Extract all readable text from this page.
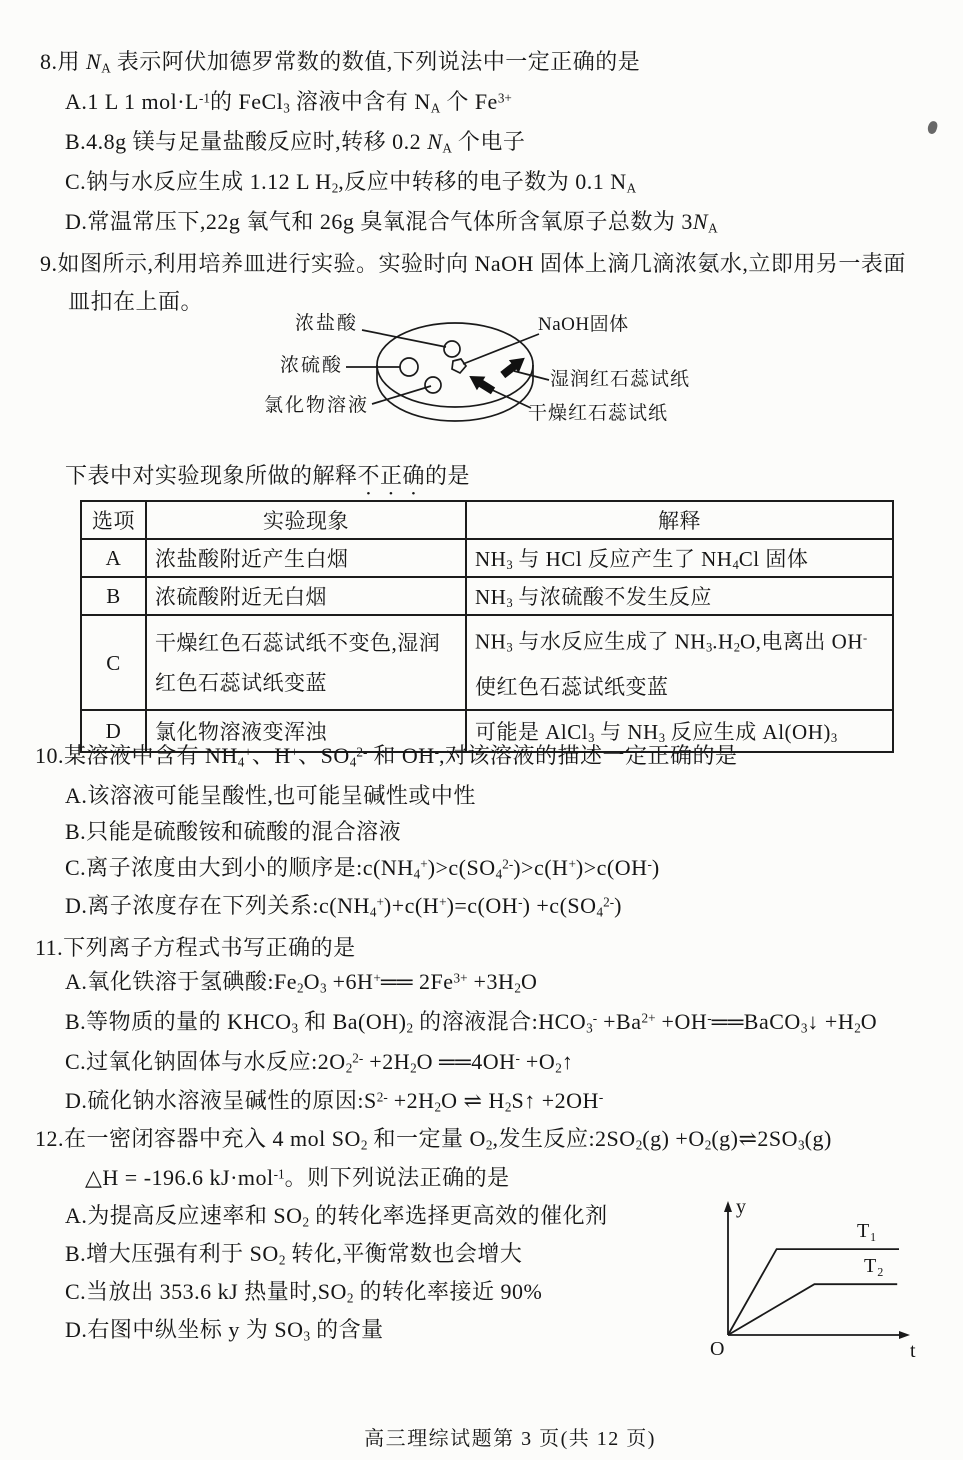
8.用 $N_A$ 表示阿伏加德罗常数的数值,下列说法中一定正确的是

A.1 L 1 $mol\cdot L^{-1}$的 FeCl$_3$ 溶液中含有 $N_A$ 个 $Fe^{3+}$

B.4.8g 镁与足量盐酸反应时,转移 0.2 $N_A$ 个电子

C.钠与水反应生成 1.12 L $H_2$,反应中转移的电子数为 0.1 $N_A$

D.常温常压下,22g 氧气和 26g 臭氧混合气体所含氧原子总数为 $3N_A$

9.如图所示,利用培养皿进行实验。实验时向 NaOH 固体上滴几滴浓氨水,立即用另一表面

皿扣在上面。

浓盐酸	NaOH固体
浓硫酸
湿润红石蕊试纸
氯化物溶液	干燥红石蕊试纸

下表中对实验现象所做的解释不正确的是

选项	实验现象	解释
A	浓盐酸附近产生白烟	$NH_3$ 与 HCl 反应产生了 $NH_4Cl$ 固体
B	浓硫酸附近无白烟	$NH_3$ 与浓硫酸不发生反应
C	干燥红色石蕊试纸不变色,湿润红色石蕊试纸变蓝	$NH_3$ 与水反应生成了 $NH_3.H_2O$,电离出 OH- 使红色石蕊试纸变蓝
D	氯化物溶液变浑浊	可能是 AlCl$_3$ 与 $NH_3$ 反应生成 $Al(OH)_3$

10.某溶液中含有 $NH_4^+$、H+、$SO_4^{2-}$ 和 OH-,对该溶液的描述一定正确的是

A.该溶液可能呈酸性,也可能呈碱性或中性

B.只能是硫酸铵和硫酸的混合溶液

C.离子浓度由大到小的顺序是$:c(NH_4^+)>c(SO_4^{2-})>c(H^+)>c(OH^-)$

D.离子浓度存在下列关系$:c(NH_4^+)+c(H^+)=c(OH^-) +c(SO_4^{2-})$

11.下列离子方程式书写正确的是

A.氧化铁溶于氢碘酸$:Fe_2O_3$ +6H+══ $2Fe^{3+} +3H_2O$

B.等物质的量的 $KHCO_3$ 和 $Ba(OH)_2$ 的溶液混合$:HCO_3^- +Ba^{2+}$ +OH-══BaCO$_3$↓ $+H_2O$

C.过氧化钠固体与水反应$:2O_2^{2-} +2H_2O$ ══4OH- $+O_2↑$

D.硫化钠水溶液呈碱性的原因$:S^{2-} +2H_2O$ ⇌ $H_2S↑ +2OH^-$

12.在一密闭容器中充入 4 mol $SO_2$ 和一定量 $O_2$,发生反应$:2SO_2(g)$ $+O_2(g)\rightleftharpoons 2SO_3(g)$

△H = -196.6 kJ·mol$^{-1}$。则下列说法正确的是

A.为提高反应速率和 $SO_2$ 的转化率选择更高效的催化剂

B.增大压强有利于 $SO_2$ 转化,平衡常数也会增大

C.当放出 353.6 kJ 热量时$,SO_2$ 的转化率接近 90%

D.右图中纵坐标 y 为 $SO_3$ 的含量

y
t
O
T₁
T₂

高三理综试题第 3 页(共 12 页)
